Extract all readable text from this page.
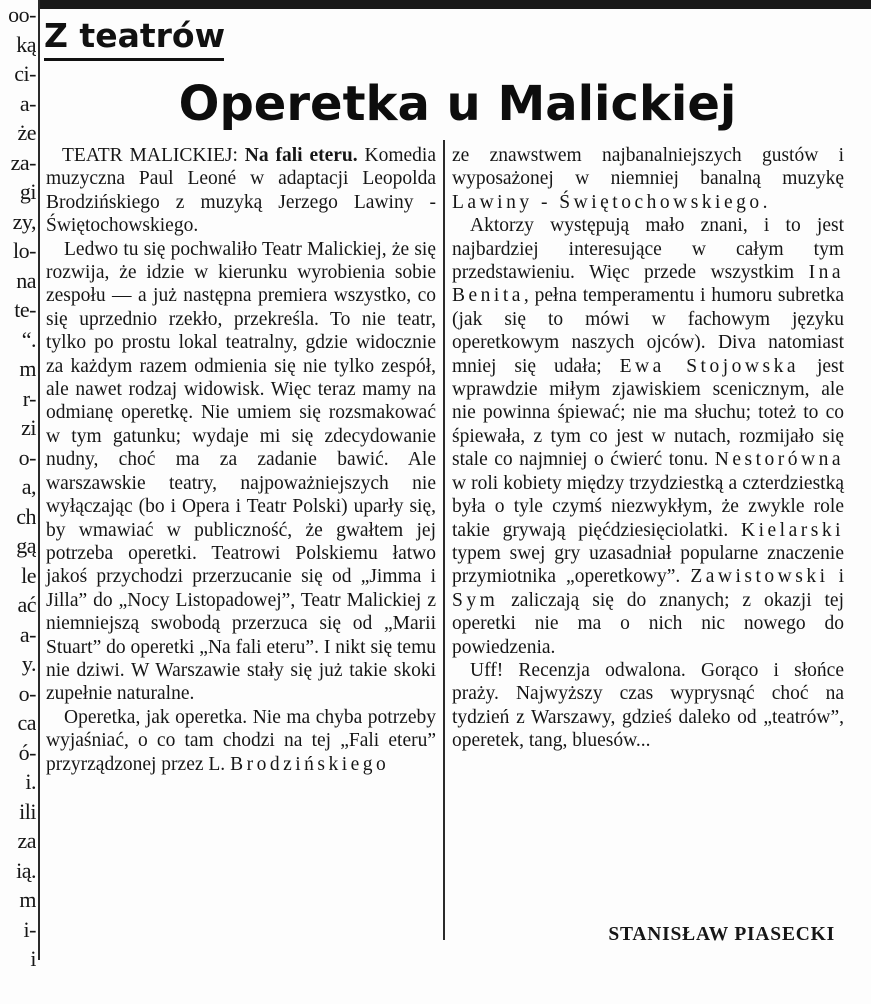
oo-
ką
ci-
a-
że
za-
gi
zy,
lo-
na
te-
“.
m
r-
zi
o-
a,
ch
gą
le
ać
a-
y.
o-
ca
ó-
i.
ili
za
ią.
m
i-
i
Z teatrów
Operetka u Malickiej

TEATR MALICKIEJ: Na fali eteru. Komedia muzyczna Paul Leoné w adaptacji Leopolda Brodzińskiego z muzyką Jerzego Lawiny - Świętochowskiego.

Ledwo tu się pochwaliło Teatr Malickiej, że się rozwija, że idzie w kierunku wyrobienia sobie zespołu — a już następna premiera wszystko, co się uprzednio rzekło, przekreśla. To nie teatr, tylko po prostu lokal teatralny, gdzie widocznie za każdym razem odmienia się nie tylko zespół, ale nawet rodzaj widowisk. Więc teraz mamy na odmianę operetkę. Nie umiem się rozsmakować w tym gatunku; wydaje mi się zdecydowanie nudny, choć ma za zadanie bawić. Ale warszawskie teatry, najpoważniejszych nie wyłączając (bo i Opera i Teatr Polski) uparły się, by wmawiać w publiczność, że gwałtem jej potrzeba operetki. Teatrowi Polskiemu łatwo jakoś przychodzi przerzucanie się od „Jimma i Jilla” do „Nocy Listopadowej”, Teatr Malickiej z niemniejszą swobodą przerzuca się od „Marii Stuart” do operetki „Na fali eteru”. I nikt się temu nie dziwi. W Warszawie stały się już takie skoki zupełnie naturalne.

Operetka, jak operetka. Nie ma chyba potrzeby wyjaśniać, o co tam chodzi na tej „Fali eteru” przyrządzonej przez L. Brodzińskiego

ze znawstwem najbanalniejszych gustów i wyposażonej w niemniej banalną muzykę Lawiny - Świętochowskiego.

Aktorzy występują mało znani, i to jest najbardziej interesujące w całym tym przedstawieniu. Więc przede wszystkim Ina Benita, pełna temperamentu i humoru subretka (jak się to mówi w fachowym języku operetkowym naszych ojców). Diva natomiast mniej się udała; Ewa Stojowska jest wprawdzie miłym zjawiskiem scenicznym, ale nie powinna śpiewać; nie ma słuchu; toteż to co śpiewała, z tym co jest w nutach, rozmijało się stale co najmniej o ćwierć tonu. Nestorówna w roli kobiety między trzydziestką a czterdziestką była o tyle czymś niezwykłym, że zwykle role takie grywają pięćdziesięciolatki. Kielarski typem swej gry uzasadniał popularne znaczenie przymiotnika „operetkowy”. Zawistowski i Sym zaliczają się do znanych; z okazji tej operetki nie ma o nich nic nowego do powiedzenia.

Uff! Recenzja odwalona. Gorąco i słońce praży. Najwyższy czas wyprysnąć choć na tydzień z Warszawy, gdzieś daleko od „teatrów”, operetek, tang, bluesów...

STANISŁAW PIASECKI
